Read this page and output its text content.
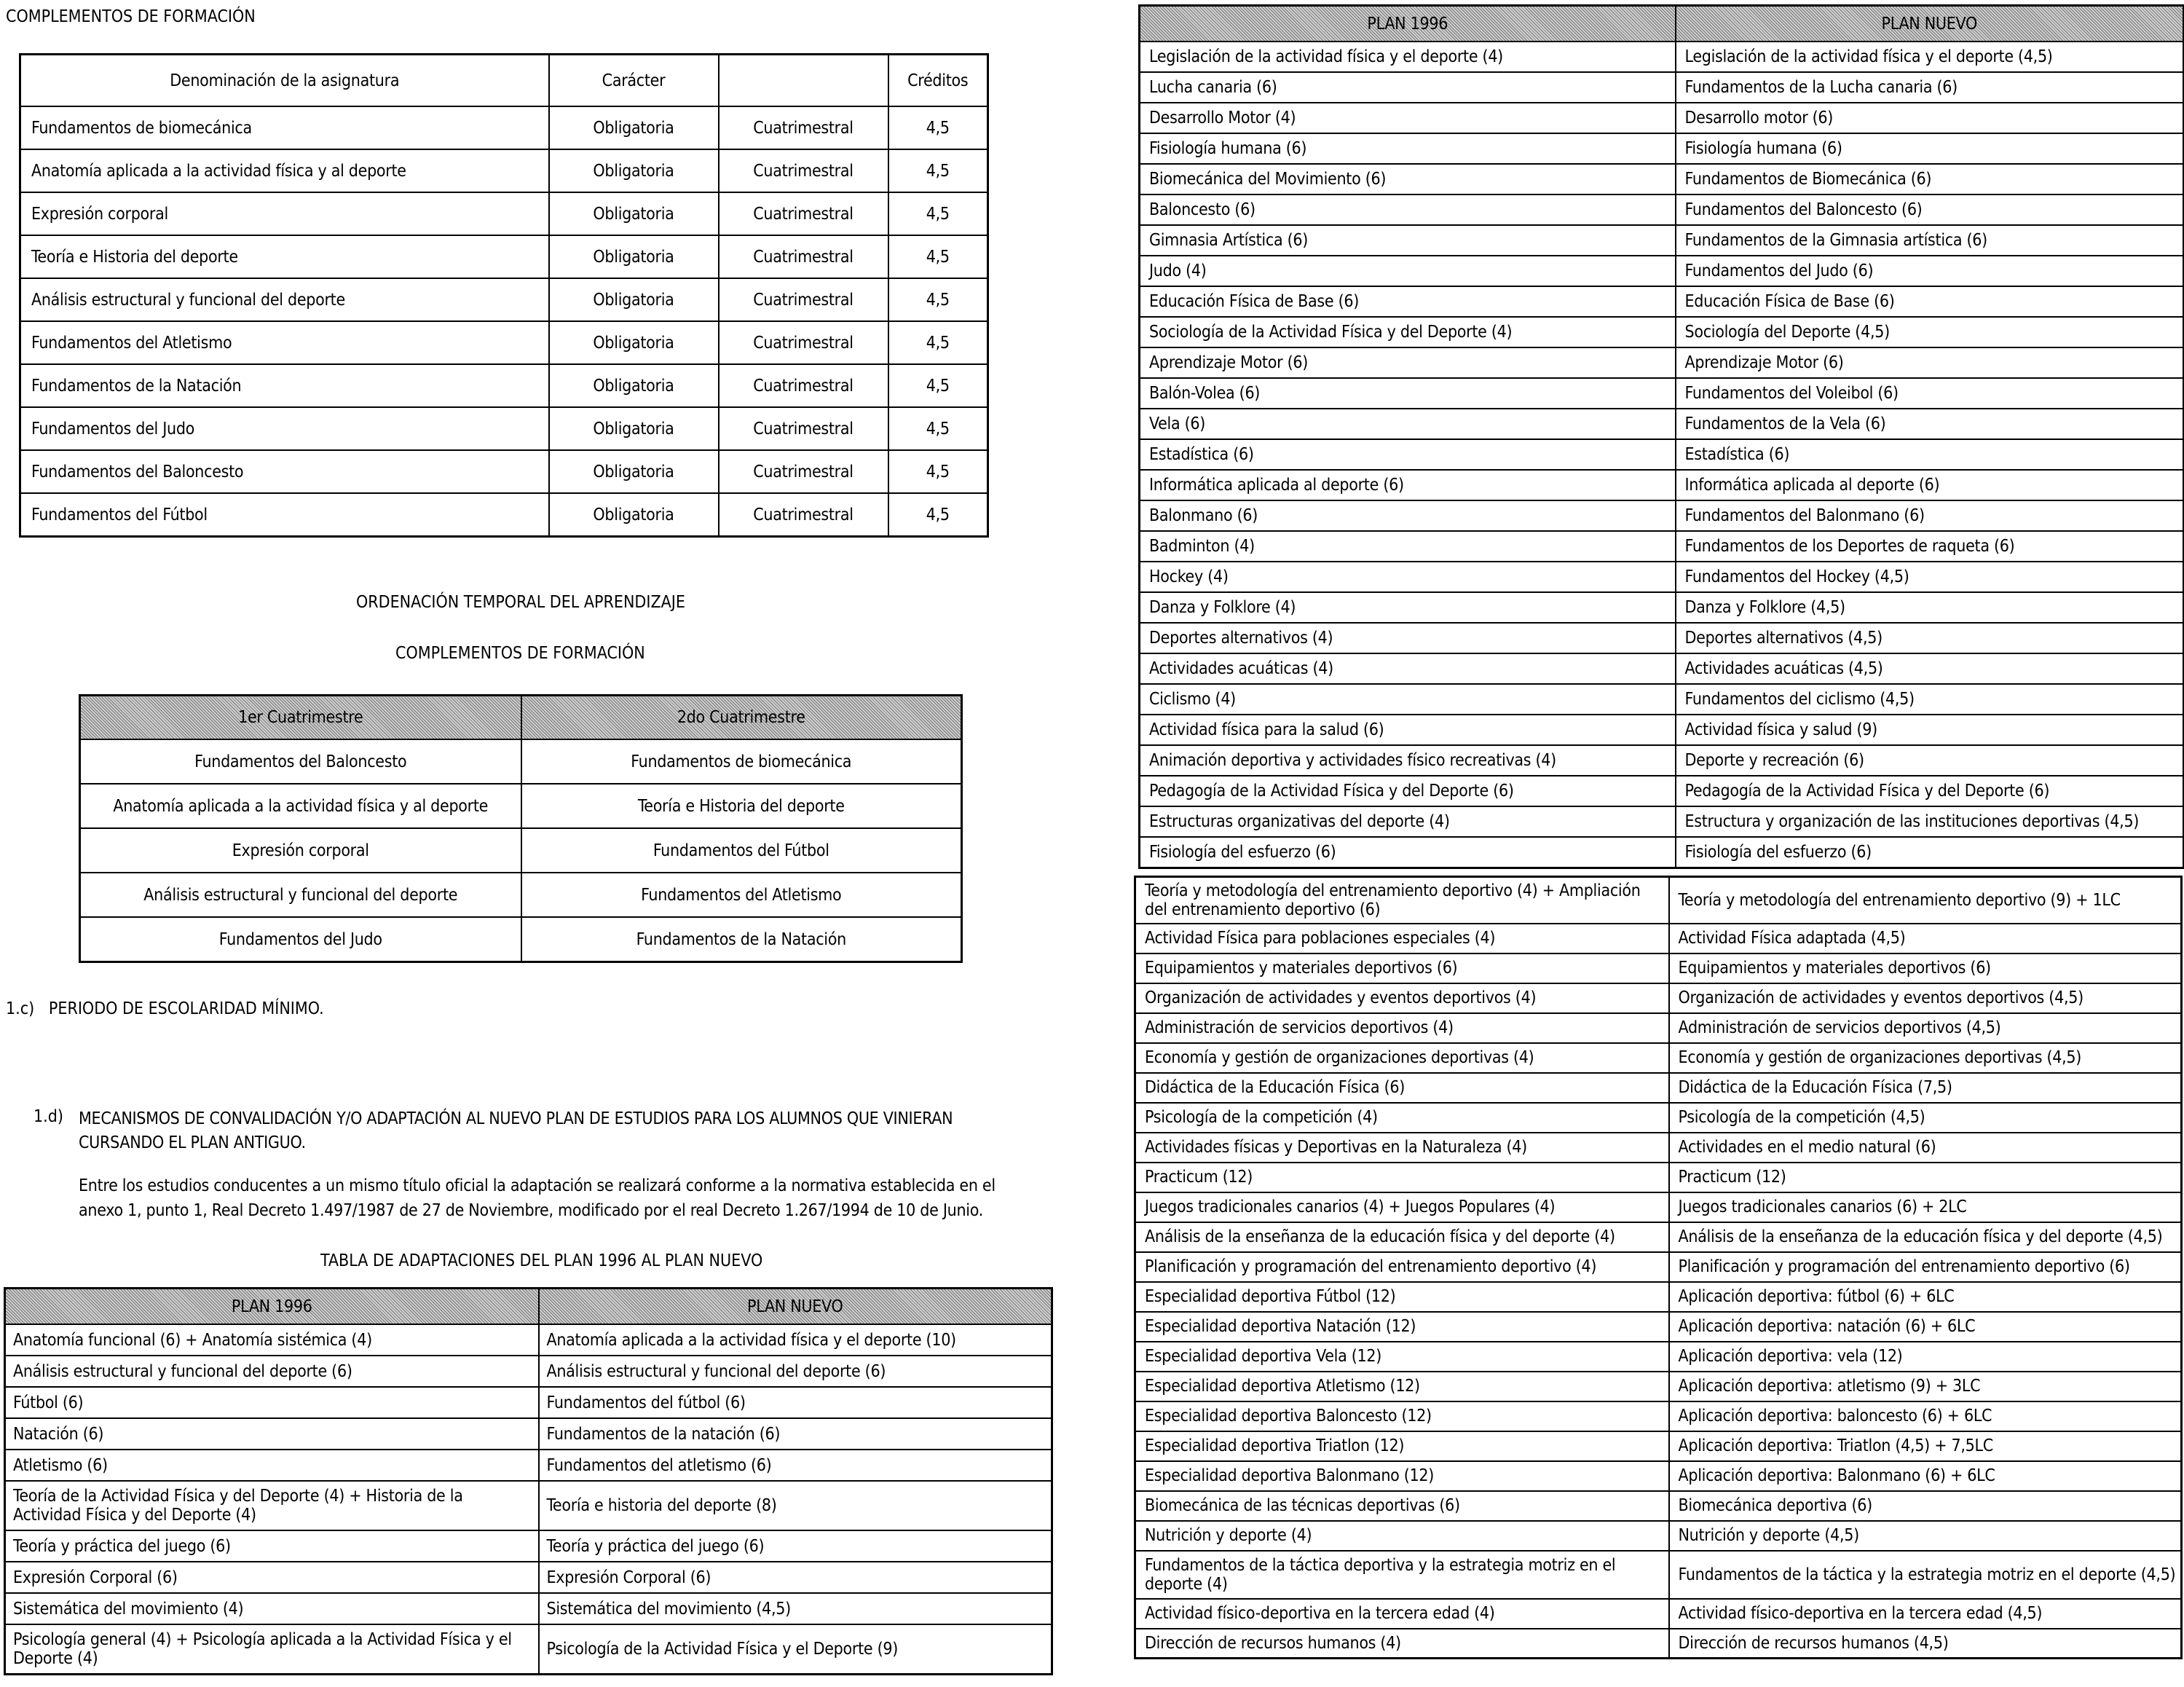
COMPLEMENTOS DE FORMACIÓN
Denominación de la asignatura	Carácter		Créditos
Fundamentos de biomecánica	Obligatoria	Cuatrimestral	4,5
Anatomía aplicada a la actividad física y al deporte	Obligatoria	Cuatrimestral	4,5
Expresión corporal	Obligatoria	Cuatrimestral	4,5
Teoría e Historia del deporte	Obligatoria	Cuatrimestral	4,5
Análisis estructural y funcional del deporte	Obligatoria	Cuatrimestral	4,5
Fundamentos del Atletismo	Obligatoria	Cuatrimestral	4,5
Fundamentos de la Natación	Obligatoria	Cuatrimestral	4,5
Fundamentos del Judo	Obligatoria	Cuatrimestral	4,5
Fundamentos del Baloncesto	Obligatoria	Cuatrimestral	4,5
Fundamentos del Fútbol	Obligatoria	Cuatrimestral	4,5
ORDENACIÓN TEMPORAL DEL APRENDIZAJE
COMPLEMENTOS DE FORMACIÓN
1er Cuatrimestre	2do Cuatrimestre
Fundamentos del Baloncesto	Fundamentos de biomecánica
Anatomía aplicada a la actividad física y al deporte	Teoría e Historia del deporte
Expresión corporal	Fundamentos del Fútbol
Análisis estructural y funcional del deporte	Fundamentos del Atletismo
Fundamentos del Judo	Fundamentos de la Natación
1.c)   PERIODO DE ESCOLARIDAD MÍNIMO.
1.d) MECANISMOS DE CONVALIDACIÓN Y/O ADAPTACIÓN AL NUEVO PLAN DE ESTUDIOS PARA LOS ALUMNOS QUE VINIERAN CURSANDO EL PLAN ANTIGUO.
Entre los estudios conducentes a un mismo título oficial la adaptación se realizará conforme a la normativa establecida en el anexo 1, punto 1, Real Decreto 1.497/1987 de 27 de Noviembre, modificado por el real Decreto 1.267/1994 de 10 de Junio.
TABLA DE ADAPTACIONES DEL PLAN 1996 AL PLAN NUEVO
PLAN 1996	PLAN NUEVO
Anatomía funcional (6) + Anatomía sistémica (4)	Anatomía aplicada a la actividad física y el deporte (10)
Análisis estructural y funcional del deporte (6)	Análisis estructural y funcional del deporte (6)
Fútbol (6)	Fundamentos del fútbol (6)
Natación (6)	Fundamentos de la natación (6)
Atletismo (6)	Fundamentos del atletismo (6)
Teoría de la Actividad Física y del Deporte (4) + Historia de la Actividad Física y del Deporte (4)	Teoría e historia del deporte (8)
Teoría y práctica del juego (6)	Teoría y práctica del juego (6)
Expresión Corporal (6)	Expresión Corporal (6)
Sistemática del movimiento (4)	Sistemática del movimiento (4,5)
Psicología general (4) + Psicología aplicada a la Actividad Física y el Deporte (4)	Psicología de la Actividad Física y el Deporte (9)
PLAN 1996	PLAN NUEVO
Legislación de la actividad física y el deporte (4)	Legislación de la actividad física y el deporte (4,5)
Lucha canaria (6)	Fundamentos de la Lucha canaria (6)
Desarrollo Motor (4)	Desarrollo motor (6)
Fisiología humana (6)	Fisiología humana (6)
Biomecánica del Movimiento (6)	Fundamentos de Biomecánica (6)
Baloncesto (6)	Fundamentos del Baloncesto (6)
Gimnasia Artística (6)	Fundamentos de la Gimnasia artística (6)
Judo (4)	Fundamentos del Judo (6)
Educación Física de Base (6)	Educación Física de Base (6)
Sociología de la Actividad Física y del Deporte (4)	Sociología del Deporte (4,5)
Aprendizaje Motor (6)	Aprendizaje Motor (6)
Balón-Volea (6)	Fundamentos del Voleibol (6)
Vela (6)	Fundamentos de la Vela (6)
Estadística (6)	Estadística (6)
Informática aplicada al deporte (6)	Informática aplicada al deporte (6)
Balonmano (6)	Fundamentos del Balonmano (6)
Badminton (4)	Fundamentos de los Deportes de raqueta (6)
Hockey (4)	Fundamentos del Hockey (4,5)
Danza y Folklore (4)	Danza y Folklore (4,5)
Deportes alternativos (4)	Deportes alternativos (4,5)
Actividades acuáticas (4)	Actividades acuáticas (4,5)
Ciclismo (4)	Fundamentos del ciclismo (4,5)
Actividad física para la salud (6)	Actividad física y salud (9)
Animación deportiva y actividades físico recreativas (4)	Deporte y recreación (6)
Pedagogía de la Actividad Física y del Deporte (6)	Pedagogía de la Actividad Física y del Deporte (6)
Estructuras organizativas del deporte (4)	Estructura y organización de las instituciones deportivas (4,5)
Fisiología del esfuerzo (6)	Fisiología del esfuerzo (6)
Teoría y metodología del entrenamiento deportivo (4) + Ampliación del entrenamiento deportivo (6)	Teoría y metodología del entrenamiento deportivo (9) + 1LC
Actividad Física para poblaciones especiales (4)	Actividad Física adaptada (4,5)
Equipamientos y materiales deportivos (6)	Equipamientos y materiales deportivos (6)
Organización de actividades y eventos deportivos (4)	Organización de actividades y eventos deportivos (4,5)
Administración de servicios deportivos (4)	Administración de servicios deportivos (4,5)
Economía y gestión de organizaciones deportivas (4)	Economía y gestión de organizaciones deportivas (4,5)
Didáctica de la Educación Física (6)	Didáctica de la Educación Física (7,5)
Psicología de la competición (4)	Psicología de la competición (4,5)
Actividades físicas y Deportivas en la Naturaleza (4)	Actividades en el medio natural (6)
Practicum (12)	Practicum (12)
Juegos tradicionales canarios (4) + Juegos Populares (4)	Juegos tradicionales canarios (6) + 2LC
Análisis de la enseñanza de la educación física y del deporte (4)	Análisis de la enseñanza de la educación física y del deporte (4,5)
Planificación y programación del entrenamiento deportivo (4)	Planificación y programación del entrenamiento deportivo (6)
Especialidad deportiva Fútbol (12)	Aplicación deportiva: fútbol (6) + 6LC
Especialidad deportiva Natación (12)	Aplicación deportiva: natación (6) + 6LC
Especialidad deportiva Vela (12)	Aplicación deportiva: vela (12)
Especialidad deportiva Atletismo (12)	Aplicación deportiva: atletismo (9) + 3LC
Especialidad deportiva Baloncesto (12)	Aplicación deportiva: baloncesto (6) + 6LC
Especialidad deportiva Triatlon (12)	Aplicación deportiva: Triatlon (4,5) + 7,5LC
Especialidad deportiva Balonmano (12)	Aplicación deportiva: Balonmano (6) + 6LC
Biomecánica de las técnicas deportivas (6)	Biomecánica deportiva (6)
Nutrición y deporte (4)	Nutrición y deporte (4,5)
Fundamentos de la táctica deportiva y la estrategia motriz en el deporte (4)	Fundamentos de la táctica y la estrategia motriz en el deporte (4,5)
Actividad físico-deportiva en la tercera edad (4)	Actividad físico-deportiva en la tercera edad (4,5)
Dirección de recursos humanos (4)	Dirección de recursos humanos (4,5)
